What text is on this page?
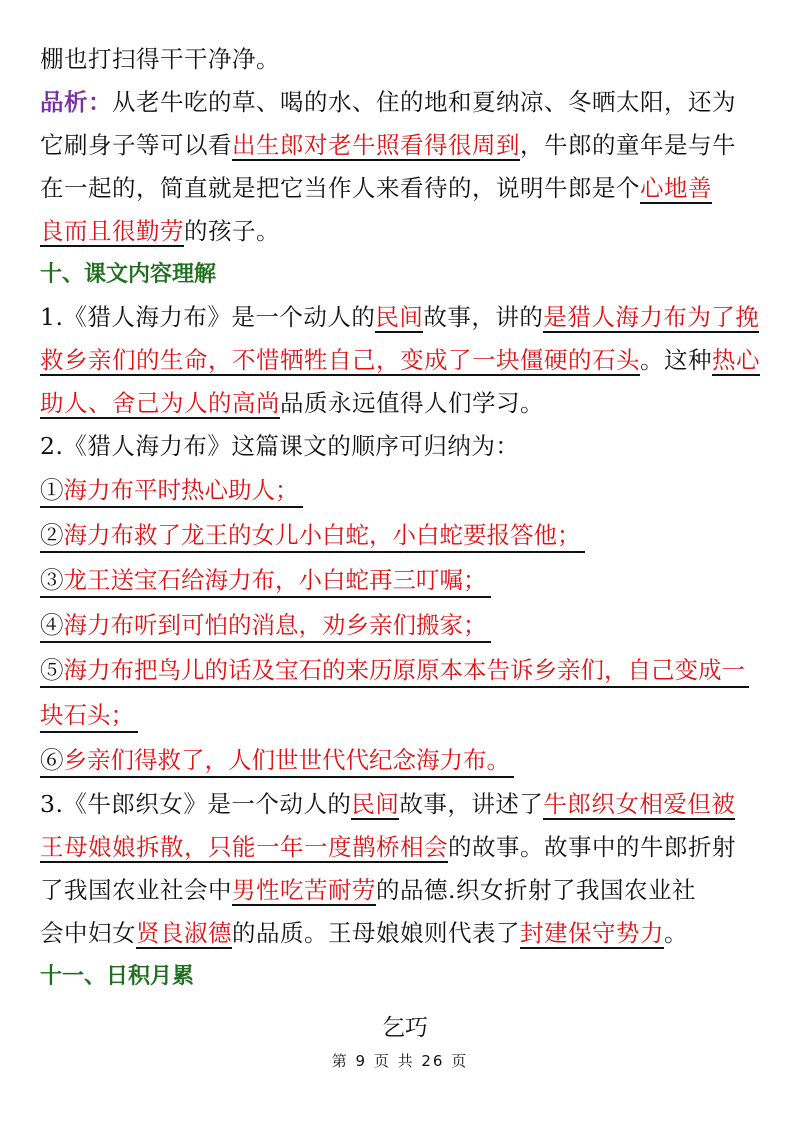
棚也打扫得干干净净。
品析：从老牛吃的草、喝的水、住的地和夏纳凉、冬晒太阳，还为
它刷身子等可以看出生郎对老牛照看得很周到，牛郎的童年是与牛
在一起的，简直就是把它当作人来看待的，说明牛郎是个心地善
良而且很勤劳的孩子。
十、课文内容理解
1.《猎人海力布》是一个动人的民间故事，讲的是猎人海力布为了挽
救乡亲们的生命，不惜牺牲自己，变成了一块僵硬的石头。这种热心
助人、舍己为人的高尚品质永远值得人们学习。
2.《猎人海力布》这篇课文的顺序可归纳为：
①海力布平时热心助人；
②海力布救了龙王的女儿小白蛇，小白蛇要报答他；
③龙王送宝石给海力布，小白蛇再三叮嘱；
④海力布听到可怕的消息，劝乡亲们搬家；
⑤海力布把鸟儿的话及宝石的来历原原本本告诉乡亲们，自己变成一
块石头；
⑥乡亲们得救了，人们世世代代纪念海力布。
3.《牛郎织女》是一个动人的民间故事，讲述了牛郎织女相爱但被
王母娘娘拆散，只能一年一度鹊桥相会的故事。故事中的牛郎折射
了我国农业社会中男性吃苦耐劳的品德.织女折射了我国农业社
会中妇女贤良淑德的品质。王母娘娘则代表了封建保守势力。
十一、日积月累
乞巧
第 9 页 共 26 页
